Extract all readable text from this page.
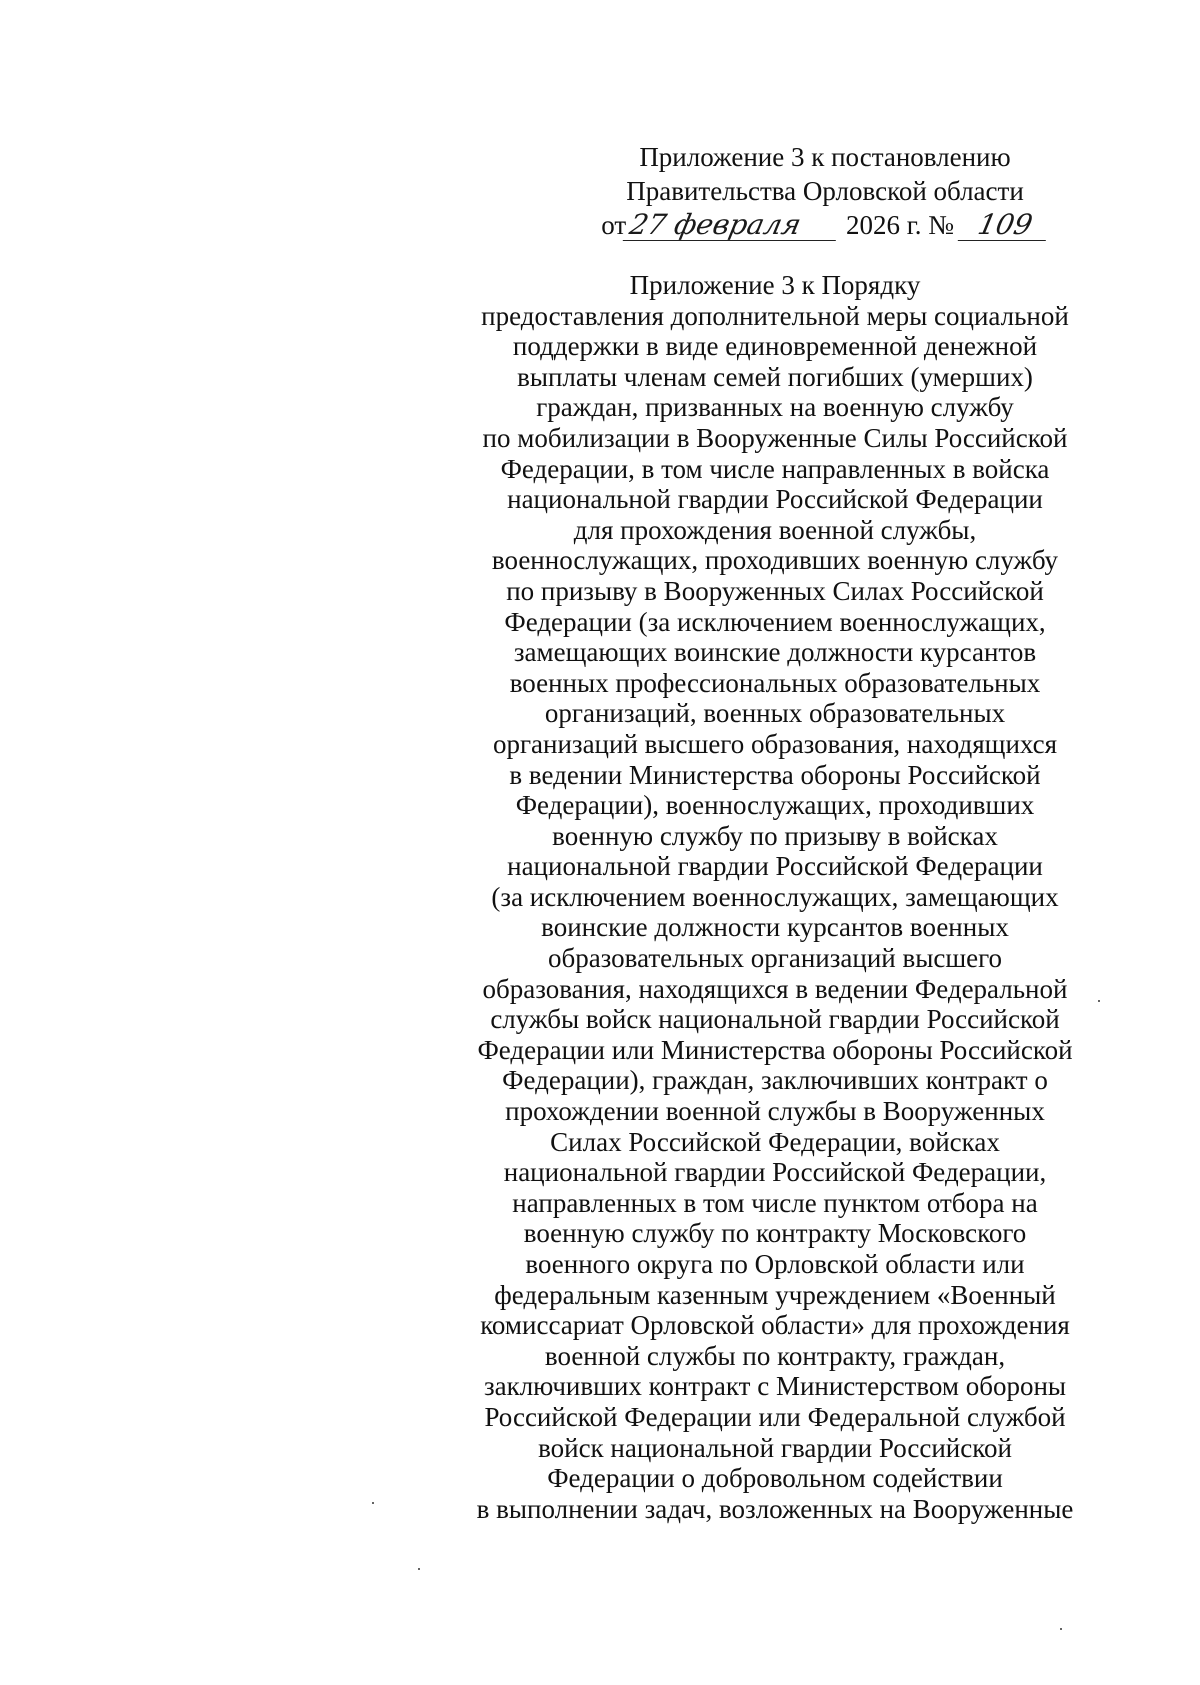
Приложение 3 к постановлению
Правительства Орловской области
от27 февраля 2026 г. № 109
Приложение 3 к Порядку
предоставления дополнительной меры социальной
поддержки в виде единовременной денежной
выплаты членам семей погибших (умерших)
граждан, призванных на военную службу
по мобилизации в Вооруженные Силы Российской
Федерации, в том числе направленных в войска
национальной гвардии Российской Федерации
для прохождения военной службы,
военнослужащих, проходивших военную службу
по призыву в Вооруженных Силах Российской
Федерации (за исключением военнослужащих,
замещающих воинские должности курсантов
военных профессиональных образовательных
организаций, военных образовательных
организаций высшего образования, находящихся
в ведении Министерства обороны Российской
Федерации), военнослужащих, проходивших
военную службу по призыву в войсках
национальной гвардии Российской Федерации
(за исключением военнослужащих, замещающих
воинские должности курсантов военных
образовательных организаций высшего
образования, находящихся в ведении Федеральной
службы войск национальной гвардии Российской
Федерации или Министерства обороны Российской
Федерации), граждан, заключивших контракт о
прохождении военной службы в Вооруженных
Силах Российской Федерации, войсках
национальной гвардии Российской Федерации,
направленных в том числе пунктом отбора на
военную службу по контракту Московского
военного округа по Орловской области или
федеральным казенным учреждением «Военный
комиссариат Орловской области» для прохождения
военной службы по контракту, граждан,
заключивших контракт с Министерством обороны
Российской Федерации или Федеральной службой
войск национальной гвардии Российской
Федерации о добровольном содействии
в выполнении задач, возложенных на Вооруженные
